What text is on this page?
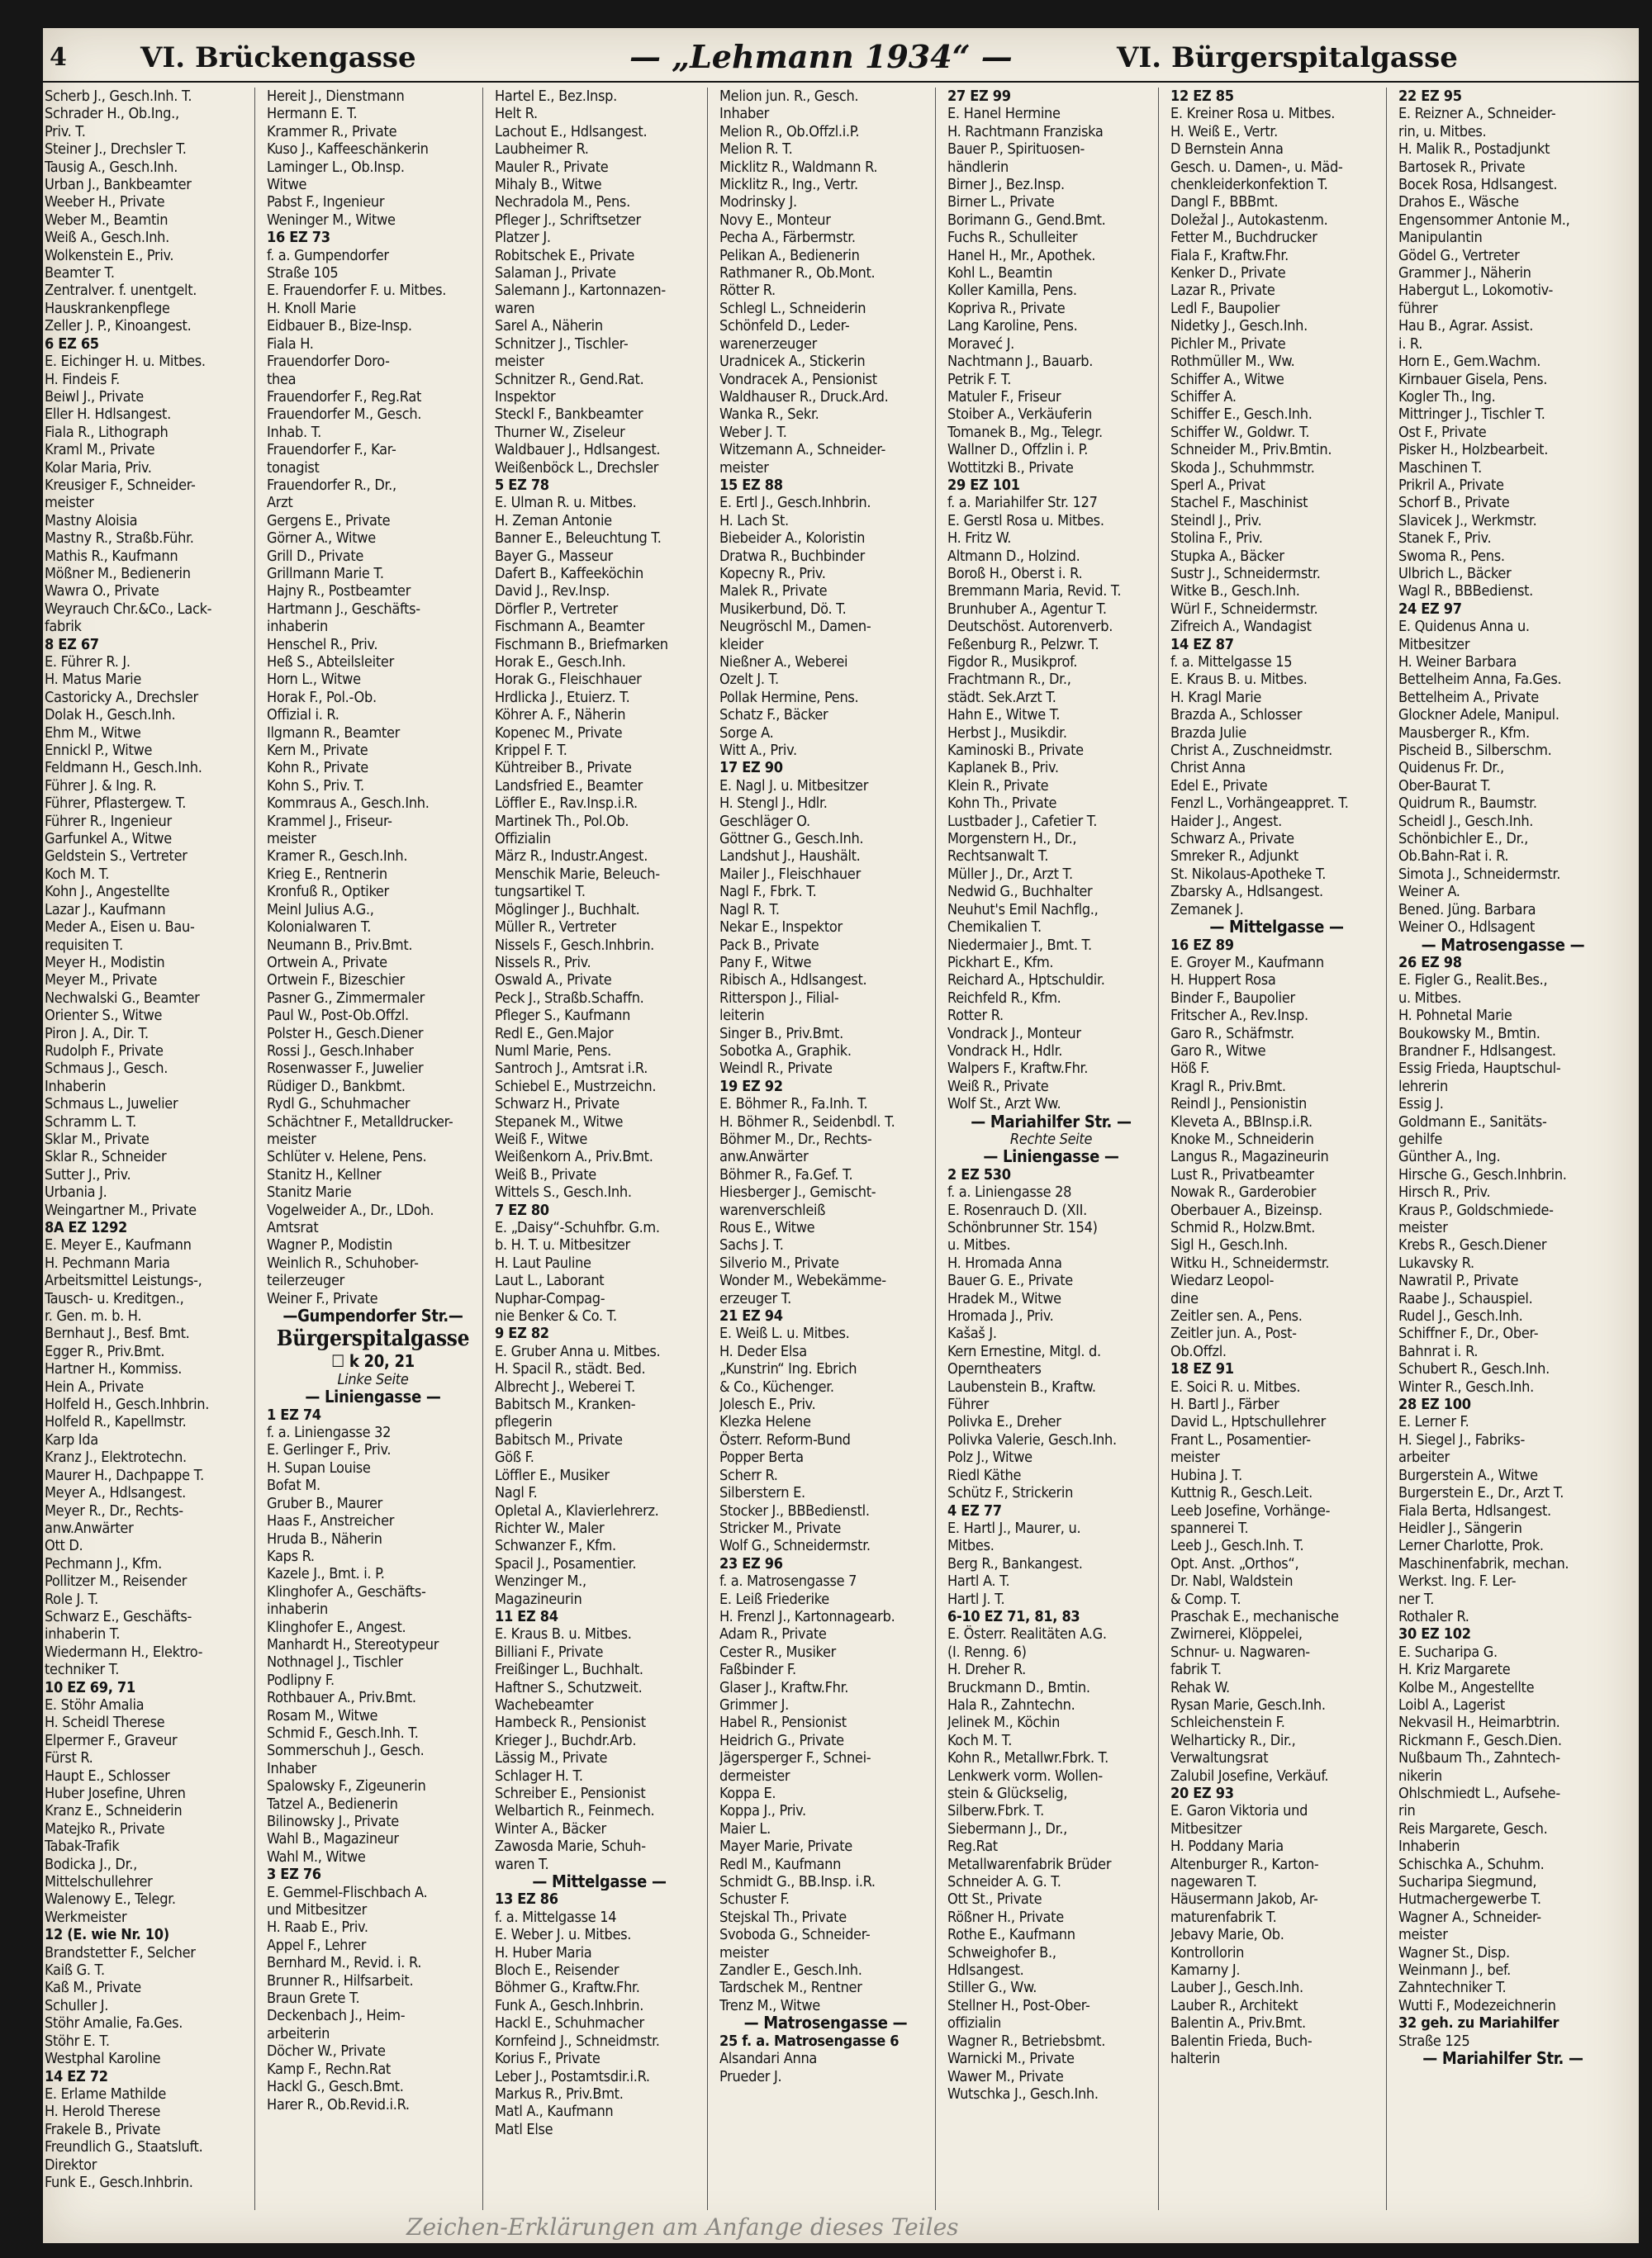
4	VI. Brückengasse	— „Lehmann 1934“ —	VI. Bürgerspitalgasse
Scherb J., Gesch.Inh. T.
Schrader H., Ob.Ing.,
Priv. T.
Steiner J., Drechsler T.
Tausig A., Gesch.Inh.
Urban J., Bankbeamter
Weeber H., Private
Weber M., Beamtin
Weiß A., Gesch.Inh.
Wolkenstein E., Priv.
Beamter T.
Zentralver. f. unentgelt.
Hauskrankenpflege
Zeller J. P., Kinoangest.
6 EZ 65
E. Eichinger H. u. Mitbes.
H. Findeis F.
Beiwl J., Private
Eller H. Hdlsangest.
Fiala R., Lithograph
Kraml M., Private
Kolar Maria, Priv.
Kreusiger F., Schneider-
meister
Mastny Aloisia
Mastny R., Straßb.Führ.
Mathis R., Kaufmann
Mößner M., Bedienerin
Wawra O., Private
Weyrauch Chr.&Co., Lack-
fabrik
8 EZ 67
E. Führer R. J.
H. Matus Marie
Castoricky A., Drechsler
Dolak H., Gesch.Inh.
Ehm M., Witwe
Ennickl P., Witwe
Feldmann H., Gesch.Inh.
Führer J. & Ing. R.
Führer, Pflastergew. T.
Führer R., Ingenieur
Garfunkel A., Witwe
Geldstein S., Vertreter
Koch M. T.
Kohn J., Angestellte
Lazar J., Kaufmann
Meder A., Eisen u. Bau-
requisiten T.
Meyer H., Modistin
Meyer M., Private
Nechwalski G., Beamter
Orienter S., Witwe
Piron J. A., Dir. T.
Rudolph F., Private
Schmaus J., Gesch.
Inhaberin
Schmaus L., Juwelier
Schramm L. T.
Sklar M., Private
Sklar R., Schneider
Sutter J., Priv.
Urbania J.
Weingartner M., Private
8A EZ 1292
E. Meyer E., Kaufmann
H. Pechmann Maria
Arbeitsmittel Leistungs-,
Tausch- u. Kreditgen.,
r. Gen. m. b. H.
Bernhaut J., Besf. Bmt.
Egger R., Priv.Bmt.
Hartner H., Kommiss.
Hein A., Private
Holfeld H., Gesch.Inhbrin.
Holfeld R., Kapellmstr.
Karp Ida
Kranz J., Elektrotechn.
Maurer H., Dachpappe T.
Meyer A., Hdlsangest.
Meyer R., Dr., Rechts-
anw.Anwärter
Ott D.
Pechmann J., Kfm.
Pollitzer M., Reisender
Role J. T.
Schwarz E., Geschäfts-
inhaberin T.
Wiedermann H., Elektro-
techniker T.
10 EZ 69, 71
E. Stöhr Amalia
H. Scheidl Therese
Elpermer F., Graveur
Fürst R.
Haupt E., Schlosser
Huber Josefine, Uhren
Kranz E., Schneiderin
Matejko R., Private
Tabak-Trafik
Bodicka J., Dr.,
Mittelschullehrer
Walenowy E., Telegr.
Werkmeister
12 (E. wie Nr. 10)
Brandstetter F., Selcher
Kaiß G. T.
Kaß M., Private
Schuller J.
Stöhr Amalie, Fa.Ges.
Stöhr E. T.
Westphal Karoline
14 EZ 72
E. Erlame Mathilde
H. Herold Therese
Frakele B., Private
Freundlich G., Staatsluft.
Direktor
Funk E., Gesch.Inhbrin.
Hereit J., Dienstmann
Hermann E. T.
Krammer R., Private
Kuso J., Kaffeeschänkerin
Laminger L., Ob.Insp.
Witwe
Pabst F., Ingenieur
Weninger M., Witwe
16 EZ 73
f. a. Gumpendorfer
Straße 105
E. Frauendorfer F. u. Mitbes.
H. Knoll Marie
Eidbauer B., Bize-Insp.
Fiala H.
Frauendorfer Doro-
thea
Frauendorfer F., Reg.Rat
Frauendorfer M., Gesch.
Inhab. T.
Frauendorfer F., Kar-
tonagist
Frauendorfer R., Dr.,
Arzt
Gergens E., Private
Görner A., Witwe
Grill D., Private
Grillmann Marie T.
Hajny R., Postbeamter
Hartmann J., Geschäfts-
inhaberin
Henschel R., Priv.
Heß S., Abteilsleiter
Horn L., Witwe
Horak F., Pol.-Ob.
Offizial i. R.
Ilgmann R., Beamter
Kern M., Private
Kohn R., Private
Kohn S., Priv. T.
Kommraus A., Gesch.Inh.
Krammel J., Friseur-
meister
Kramer R., Gesch.Inh.
Krieg E., Rentnerin
Kronfuß R., Optiker
Meinl Julius A.G.,
Kolonialwaren T.
Neumann B., Priv.Bmt.
Ortwein A., Private
Ortwein F., Bizeschier
Pasner G., Zimmermaler
Paul W., Post-Ob.Offzl.
Polster H., Gesch.Diener
Rossi J., Gesch.Inhaber
Rosenwasser F., Juwelier
Rüdiger D., Bankbmt.
Rydl G., Schuhmacher
Schächtner F., Metalldrucker-
meister
Schlüter v. Helene, Pens.
Stanitz H., Kellner
Stanitz Marie
Vogelweider A., Dr., LDoh.
Amtsrat
Wagner P., Modistin
Weinlich R., Schuhober-
teilerzeuger
Weiner F., Private
—Gumpendorfer Str.—
Bürgerspitalgasse
☐ k 20, 21
Linke Seite
— Liniengasse —
1 EZ 74
f. a. Liniengasse 32
E. Gerlinger F., Priv.
H. Supan Louise
Bofat M.
Gruber B., Maurer
Haas F., Anstreicher
Hruda B., Näherin
Kaps R.
Kazele J., Bmt. i. P.
Klinghofer A., Geschäfts-
inhaberin
Klinghofer E., Angest.
Manhardt H., Stereotypeur
Nothnagel J., Tischler
Podlipny F.
Rothbauer A., Priv.Bmt.
Rosam M., Witwe
Schmid F., Gesch.Inh. T.
Sommerschuh J., Gesch.
Inhaber
Spalowsky F., Zigeunerin
Tatzel A., Bedienerin
Bilinowsky J., Private
Wahl B., Magazineur
Wahl M., Witwe
3 EZ 76
E. Gemmel-Flischbach A.
und Mitbesitzer
H. Raab E., Priv.
Appel F., Lehrer
Bernhard M., Revid. i. R.
Brunner R., Hilfsarbeit.
Braun Grete T.
Deckenbach J., Heim-
arbeiterin
Döcher W., Private
Kamp F., Rechn.Rat
Hackl G., Gesch.Bmt.
Harer R., Ob.Revid.i.R.
Hartel E., Bez.Insp.
Helt R.
Lachout E., Hdlsangest.
Laubheimer R.
Mauler R., Private
Mihaly B., Witwe
Nechradola M., Pens.
Pfleger J., Schriftsetzer
Platzer J.
Robitschek E., Private
Salaman J., Private
Salemann J., Kartonnazen-
waren
Sarel A., Näherin
Schnitzer J., Tischler-
meister
Schnitzer R., Gend.Rat.
Inspektor
Steckl F., Bankbeamter
Thurner W., Ziseleur
Waldbauer J., Hdlsangest.
Weißenböck L., Drechsler
5 EZ 78
E. Ulman R. u. Mitbes.
H. Zeman Antonie
Banner E., Beleuchtung T.
Bayer G., Masseur
Dafert B., Kaffeeköchin
David J., Rev.Insp.
Dörfler P., Vertreter
Fischmann A., Beamter
Fischmann B., Briefmarken
Horak E., Gesch.Inh.
Horak G., Fleischhauer
Hrdlicka J., Etuierz. T.
Köhrer A. F., Näherin
Kopenec M., Private
Krippel F. T.
Kühtreiber B., Private
Landsfried E., Beamter
Löffler E., Rav.Insp.i.R.
Martinek Th., Pol.Ob.
Offizialin
März R., Industr.Angest.
Menschik Marie, Beleuch-
tungsartikel T.
Möglinger J., Buchhalt.
Müller R., Vertreter
Nissels F., Gesch.Inhbrin.
Nissels R., Priv.
Oswald A., Private
Peck J., Straßb.Schaffn.
Pfleger S., Kaufmann
Redl E., Gen.Major
Numl Marie, Pens.
Santroch J., Amtsrat i.R.
Schiebel E., Mustrzeichn.
Schwarz H., Private
Stepanek M., Witwe
Weiß F., Witwe
Weißenkorn A., Priv.Bmt.
Weiß B., Private
Wittels S., Gesch.Inh.
7 EZ 80
E. „Daisy“-Schuhfbr. G.m.
b. H. T. u. Mitbesitzer
H. Laut Pauline
Laut L., Laborant
Nuphar-Compag-
nie Benker & Co. T.
9 EZ 82
E. Gruber Anna u. Mitbes.
H. Spacil R., städt. Bed.
Albrecht J., Weberei T.
Babitsch M., Kranken-
pflegerin
Babitsch M., Private
Göß F.
Löffler E., Musiker
Nagl F.
Opletal A., Klavierlehrerz.
Richter W., Maler
Schwanzer F., Kfm.
Spacil J., Posamentier.
Wenzinger M.,
Magazineurin
11 EZ 84
E. Kraus B. u. Mitbes.
Billiani F., Private
Freißinger L., Buchhalt.
Haftner S., Schutzweit.
Wachebeamter
Hambeck R., Pensionist
Krieger J., Buchdr.Arb.
Lässig M., Private
Schlager H. T.
Schreiber E., Pensionist
Welbartich R., Feinmech.
Winter A., Bäcker
Zawosda Marie, Schuh-
waren T.
— Mittelgasse —
13 EZ 86
f. a. Mittelgasse 14
E. Weber J. u. Mitbes.
H. Huber Maria
Bloch E., Reisender
Böhmer G., Kraftw.Fhr.
Funk A., Gesch.Inhbrin.
Hackl E., Schuhmacher
Kornfeind J., Schneidmstr.
Korius F., Private
Leber J., Postamtsdir.i.R.
Markus R., Priv.Bmt.
Matl A., Kaufmann
Matl Else
Melion jun. R., Gesch.
Inhaber
Melion R., Ob.Offzl.i.P.
Melion R. T.
Micklitz R., Waldmann R.
Micklitz R., Ing., Vertr.
Modrinsky J.
Novy E., Monteur
Pecha A., Färbermstr.
Pelikan A., Bedienerin
Rathmaner R., Ob.Mont.
Rötter R.
Schlegl L., Schneiderin
Schönfeld D., Leder-
warenerzeuger
Uradnicek A., Stickerin
Vondracek A., Pensionist
Waldhauser R., Druck.Ard.
Wanka R., Sekr.
Weber J. T.
Witzemann A., Schneider-
meister
15 EZ 88
E. Ertl J., Gesch.Inhbrin.
H. Lach St.
Biebeider A., Koloristin
Dratwa R., Buchbinder
Kopecny R., Priv.
Malek R., Private
Musikerbund, Dö. T.
Neugröschl M., Damen-
kleider
Nießner A., Weberei
Ozelt J. T.
Pollak Hermine, Pens.
Schatz F., Bäcker
Sorge A.
Witt A., Priv.
17 EZ 90
E. Nagl J. u. Mitbesitzer
H. Stengl J., Hdlr.
Geschläger O.
Göttner G., Gesch.Inh.
Landshut J., Haushält.
Mailer J., Fleischhauer
Nagl F., Fbrk. T.
Nagl R. T.
Nekar E., Inspektor
Pack B., Private
Pany F., Witwe
Ribisch A., Hdlsangest.
Ritterspon J., Filial-
leiterin
Singer B., Priv.Bmt.
Sobotka A., Graphik.
Weindl R., Private
19 EZ 92
E. Böhmer R., Fa.Inh. T.
H. Böhmer R., Seidenbdl. T.
Böhmer M., Dr., Rechts-
anw.Anwärter
Böhmer R., Fa.Gef. T.
Hiesberger J., Gemischt-
warenverschleiß
Rous E., Witwe
Sachs J. T.
Silverio M., Private
Wonder M., Webekämme-
erzeuger T.
21 EZ 94
E. Weiß L. u. Mitbes.
H. Deder Elsa
„Kunstrin“ Ing. Ebrich
& Co., Küchenger.
Jolesch E., Priv.
Klezka Helene
Österr. Reform-Bund
Popper Berta
Scherr R.
Silberstern E.
Stocker J., BBBedienstl.
Stricker M., Private
Wolf G., Schneidermstr.
23 EZ 96
f. a. Matrosengasse 7
E. Leiß Friederike
H. Frenzl J., Kartonnagearb.
Adam R., Private
Cester R., Musiker
Faßbinder F.
Glaser J., Kraftw.Fhr.
Grimmer J.
Habel R., Pensionist
Heidrich G., Private
Jägersperger F., Schnei-
dermeister
Koppa E.
Koppa J., Priv.
Maier L.
Mayer Marie, Private
Redl M., Kaufmann
Schmidt G., BB.Insp. i.R.
Schuster F.
Stejskal Th., Private
Svoboda G., Schneider-
meister
Zandler E., Gesch.Inh.
Tardschek M., Rentner
Trenz M., Witwe
— Matrosengasse —
25 f. a. Matrosengasse 6
Alsandari Anna
Prueder J.
27 EZ 99
E. Hanel Hermine
H. Rachtmann Franziska
Bauer P., Spirituosen-
händlerin
Birner J., Bez.Insp.
Birner L., Private
Borimann G., Gend.Bmt.
Fuchs R., Schulleiter
Hanel H., Mr., Apothek.
Kohl L., Beamtin
Koller Kamilla, Pens.
Kopriva R., Private
Lang Karoline, Pens.
Moraveć J.
Nachtmann J., Bauarb.
Petrik F. T.
Matuler F., Friseur
Stoiber A., Verkäuferin
Tomanek B., Mg., Telegr.
Wallner D., Offzlin i. P.
Wottitzki B., Private
29 EZ 101
f. a. Mariahilfer Str. 127
E. Gerstl Rosa u. Mitbes.
H. Fritz W.
Altmann D., Holzind.
Boroß H., Oberst i. R.
Bremmann Maria, Revid. T.
Brunhuber A., Agentur T.
Deutschöst. Autorenverb.
Feßenburg R., Pelzwr. T.
Figdor R., Musikprof.
Frachtmann R., Dr.,
städt. Sek.Arzt T.
Hahn E., Witwe T.
Herbst J., Musikdir.
Kaminoski B., Private
Kaplanek B., Priv.
Klein R., Private
Kohn Th., Private
Lustbader J., Cafetier T.
Morgenstern H., Dr.,
Rechtsanwalt T.
Müller J., Dr., Arzt T.
Nedwid G., Buchhalter
Neuhut's Emil Nachflg.,
Chemikalien T.
Niedermaier J., Bmt. T.
Pickhart E., Kfm.
Reichard A., Hptschuldir.
Reichfeld R., Kfm.
Rotter R.
Vondrack J., Monteur
Vondrack H., Hdlr.
Walpers F., Kraftw.Fhr.
Weiß R., Private
Wolf St., Arzt Ww.
— Mariahilfer Str. —
Rechte Seite
— Liniengasse —
2 EZ 530
f. a. Liniengasse 28
E. Rosenrauch D. (XII.
Schönbrunner Str. 154)
u. Mitbes.
H. Hromada Anna
Bauer G. E., Private
Hradek M., Witwe
Hromada J., Priv.
Kašaš J.
Kern Ernestine, Mitgl. d.
Operntheaters
Laubenstein B., Kraftw.
Führer
Polivka E., Dreher
Polivka Valerie, Gesch.Inh.
Polz J., Witwe
Riedl Käthe
Schütz F., Strickerin
4 EZ 77
E. Hartl J., Maurer, u.
Mitbes.
Berg R., Bankangest.
Hartl A. T.
Hartl J. T.
6-10 EZ 71, 81, 83
E. Österr. Realitäten A.G.
(I. Renng. 6)
H. Dreher R.
Bruckmann D., Bmtin.
Hala R., Zahntechn.
Jelinek M., Köchin
Koch M. T.
Kohn R., Metallwr.Fbrk. T.
Lenkwerk vorm. Wollen-
stein & Glückselig,
Silberw.Fbrk. T.
Siebermann J., Dr.,
Reg.Rat
Metallwarenfabrik Brüder
Schneider A. G. T.
Ott St., Private
Rößner H., Private
Rothe E., Kaufmann
Schweighofer B.,
Hdlsangest.
Stiller G., Ww.
Stellner H., Post-Ober-
offizialin
Wagner R., Betriebsbmt.
Warnicki M., Private
Wawer M., Private
Wutschka J., Gesch.Inh.
12 EZ 85
E. Kreiner Rosa u. Mitbes.
H. Weiß E., Vertr.
D Bernstein Anna
Gesch. u. Damen-, u. Mäd-
chenkleiderkonfektion T.
Dangl F., BBBmt.
Doležal J., Autokastenm.
Fetter M., Buchdrucker
Fiala F., Kraftw.Fhr.
Kenker D., Private
Lazar R., Private
Ledl F., Baupolier
Nidetky J., Gesch.Inh.
Pichler M., Private
Rothmüller M., Ww.
Schiffer A., Witwe
Schiffer A.
Schiffer E., Gesch.Inh.
Schiffer W., Goldwr. T.
Schneider M., Priv.Bmtin.
Skoda J., Schuhmmstr.
Sperl A., Privat
Stachel F., Maschinist
Steindl J., Priv.
Stolina F., Priv.
Stupka A., Bäcker
Sustr J., Schneidermstr.
Witke B., Gesch.Inh.
Würl F., Schneidermstr.
Zifreich A., Wandagist
14 EZ 87
f. a. Mittelgasse 15
E. Kraus B. u. Mitbes.
H. Kragl Marie
Brazda A., Schlosser
Brazda Julie
Christ A., Zuschneidmstr.
Christ Anna
Edel E., Private
Fenzl L., Vorhängeappret. T.
Haider J., Angest.
Schwarz A., Private
Smreker R., Adjunkt
St. Nikolaus-Apotheke T.
Zbarsky A., Hdlsangest.
Zemanek J.
— Mittelgasse —
16 EZ 89
E. Groyer M., Kaufmann
H. Huppert Rosa
Binder F., Baupolier
Fritscher A., Rev.Insp.
Garo R., Schäfmstr.
Garo R., Witwe
Höß F.
Kragl R., Priv.Bmt.
Reindl J., Pensionistin
Kleveta A., BBInsp.i.R.
Knoke M., Schneiderin
Langus R., Magazineurin
Lust R., Privatbeamter
Nowak R., Garderobier
Oberbauer A., Bizeinsp.
Schmid R., Holzw.Bmt.
Sigl H., Gesch.Inh.
Witku H., Schneidermstr.
Wiedarz Leopol-
dine
Zeitler sen. A., Pens.
Zeitler jun. A., Post-
Ob.Offzl.
18 EZ 91
E. Soici R. u. Mitbes.
H. Bartl J., Färber
David L., Hptschullehrer
Frant L., Posamentier-
meister
Hubina J. T.
Kuttnig R., Gesch.Leit.
Leeb Josefine, Vorhänge-
spannerei T.
Leeb J., Gesch.Inh. T.
Opt. Anst. „Orthos“,
Dr. Nabl, Waldstein
& Comp. T.
Praschak E., mechanische
Zwirnerei, Klöppelei,
Schnur- u. Nagwaren-
fabrik T.
Rehak W.
Rysan Marie, Gesch.Inh.
Schleichenstein F.
Welharticky R., Dir.,
Verwaltungsrat
Zalubil Josefine, Verkäuf.
20 EZ 93
E. Garon Viktoria und
Mitbesitzer
H. Poddany Maria
Altenburger R., Karton-
nagewaren T.
Häusermann Jakob, Ar-
maturenfabrik T.
Jebavy Marie, Ob.
Kontrollorin
Kamarny J.
Lauber J., Gesch.Inh.
Lauber R., Architekt
Balentin A., Priv.Bmt.
Balentin Frieda, Buch-
halterin
22 EZ 95
E. Reizner A., Schneider-
rin, u. Mitbes.
H. Malik R., Postadjunkt
Bartosek R., Private
Bocek Rosa, Hdlsangest.
Drahos E., Wäsche
Engensommer Antonie M.,
Manipulantin
Gödel G., Vertreter
Grammer J., Näherin
Habergut L., Lokomotiv-
führer
Hau B., Agrar. Assist.
i. R.
Horn E., Gem.Wachm.
Kirnbauer Gisela, Pens.
Kogler Th., Ing.
Mittringer J., Tischler T.
Ost F., Private
Pisker H., Holzbearbeit.
Maschinen T.
Prikril A., Private
Schorf B., Private
Slavicek J., Werkmstr.
Stanek F., Priv.
Swoma R., Pens.
Ulbrich L., Bäcker
Wagl R., BBBedienst.
24 EZ 97
E. Quidenus Anna u.
Mitbesitzer
H. Weiner Barbara
Bettelheim Anna, Fa.Ges.
Bettelheim A., Private
Glockner Adele, Manipul.
Mausberger R., Kfm.
Pischeid B., Silberschm.
Quidenus Fr. Dr.,
Ober-Baurat T.
Quidrum R., Baumstr.
Scheidl J., Gesch.Inh.
Schönbichler E., Dr.,
Ob.Bahn-Rat i. R.
Simota J., Schneidermstr.
Weiner A.
Bened. Jüng. Barbara
Weiner O., Hdlsagent
— Matrosengasse —
26 EZ 98
E. Figler G., Realit.Bes.,
u. Mitbes.
H. Pohnetal Marie
Boukowsky M., Bmtin.
Brandner F., Hdlsangest.
Essig Frieda, Hauptschul-
lehrerin
Essig J.
Goldmann E., Sanitäts-
gehilfe
Günther A., Ing.
Hirsche G., Gesch.Inhbrin.
Hirsch R., Priv.
Kraus P., Goldschmiede-
meister
Krebs R., Gesch.Diener
Lukavsky R.
Nawratil P., Private
Raabe J., Schauspiel.
Rudel J., Gesch.Inh.
Schiffner F., Dr., Ober-
Bahnrat i. R.
Schubert R., Gesch.Inh.
Winter R., Gesch.Inh.
28 EZ 100
E. Lerner F.
H. Siegel J., Fabriks-
arbeiter
Burgerstein A., Witwe
Burgerstein E., Dr., Arzt T.
Fiala Berta, Hdlsangest.
Heidler J., Sängerin
Lerner Charlotte, Prok.
Maschinenfabrik, mechan.
Werkst. Ing. F. Ler-
ner T.
Rothaler R.
30 EZ 102
E. Sucharipa G.
H. Kriz Margarete
Kolbe M., Angestellte
Loibl A., Lagerist
Nekvasil H., Heimarbtrin.
Rickmann F., Gesch.Dien.
Nußbaum Th., Zahntech-
nikerin
Ohlschmiedt L., Aufsehe-
rin
Reis Margarete, Gesch.
Inhaberin
Schischka A., Schuhm.
Sucharipa Siegmund,
Hutmachergewerbe T.
Wagner A., Schneider-
meister
Wagner St., Disp.
Weinmann J., bef.
Zahntechniker T.
Wutti F., Modezeichnerin
32 geh. zu Mariahilfer
Straße 125
— Mariahilfer Str. —
Zeichen-Erklärungen am Anfange dieses Teiles
